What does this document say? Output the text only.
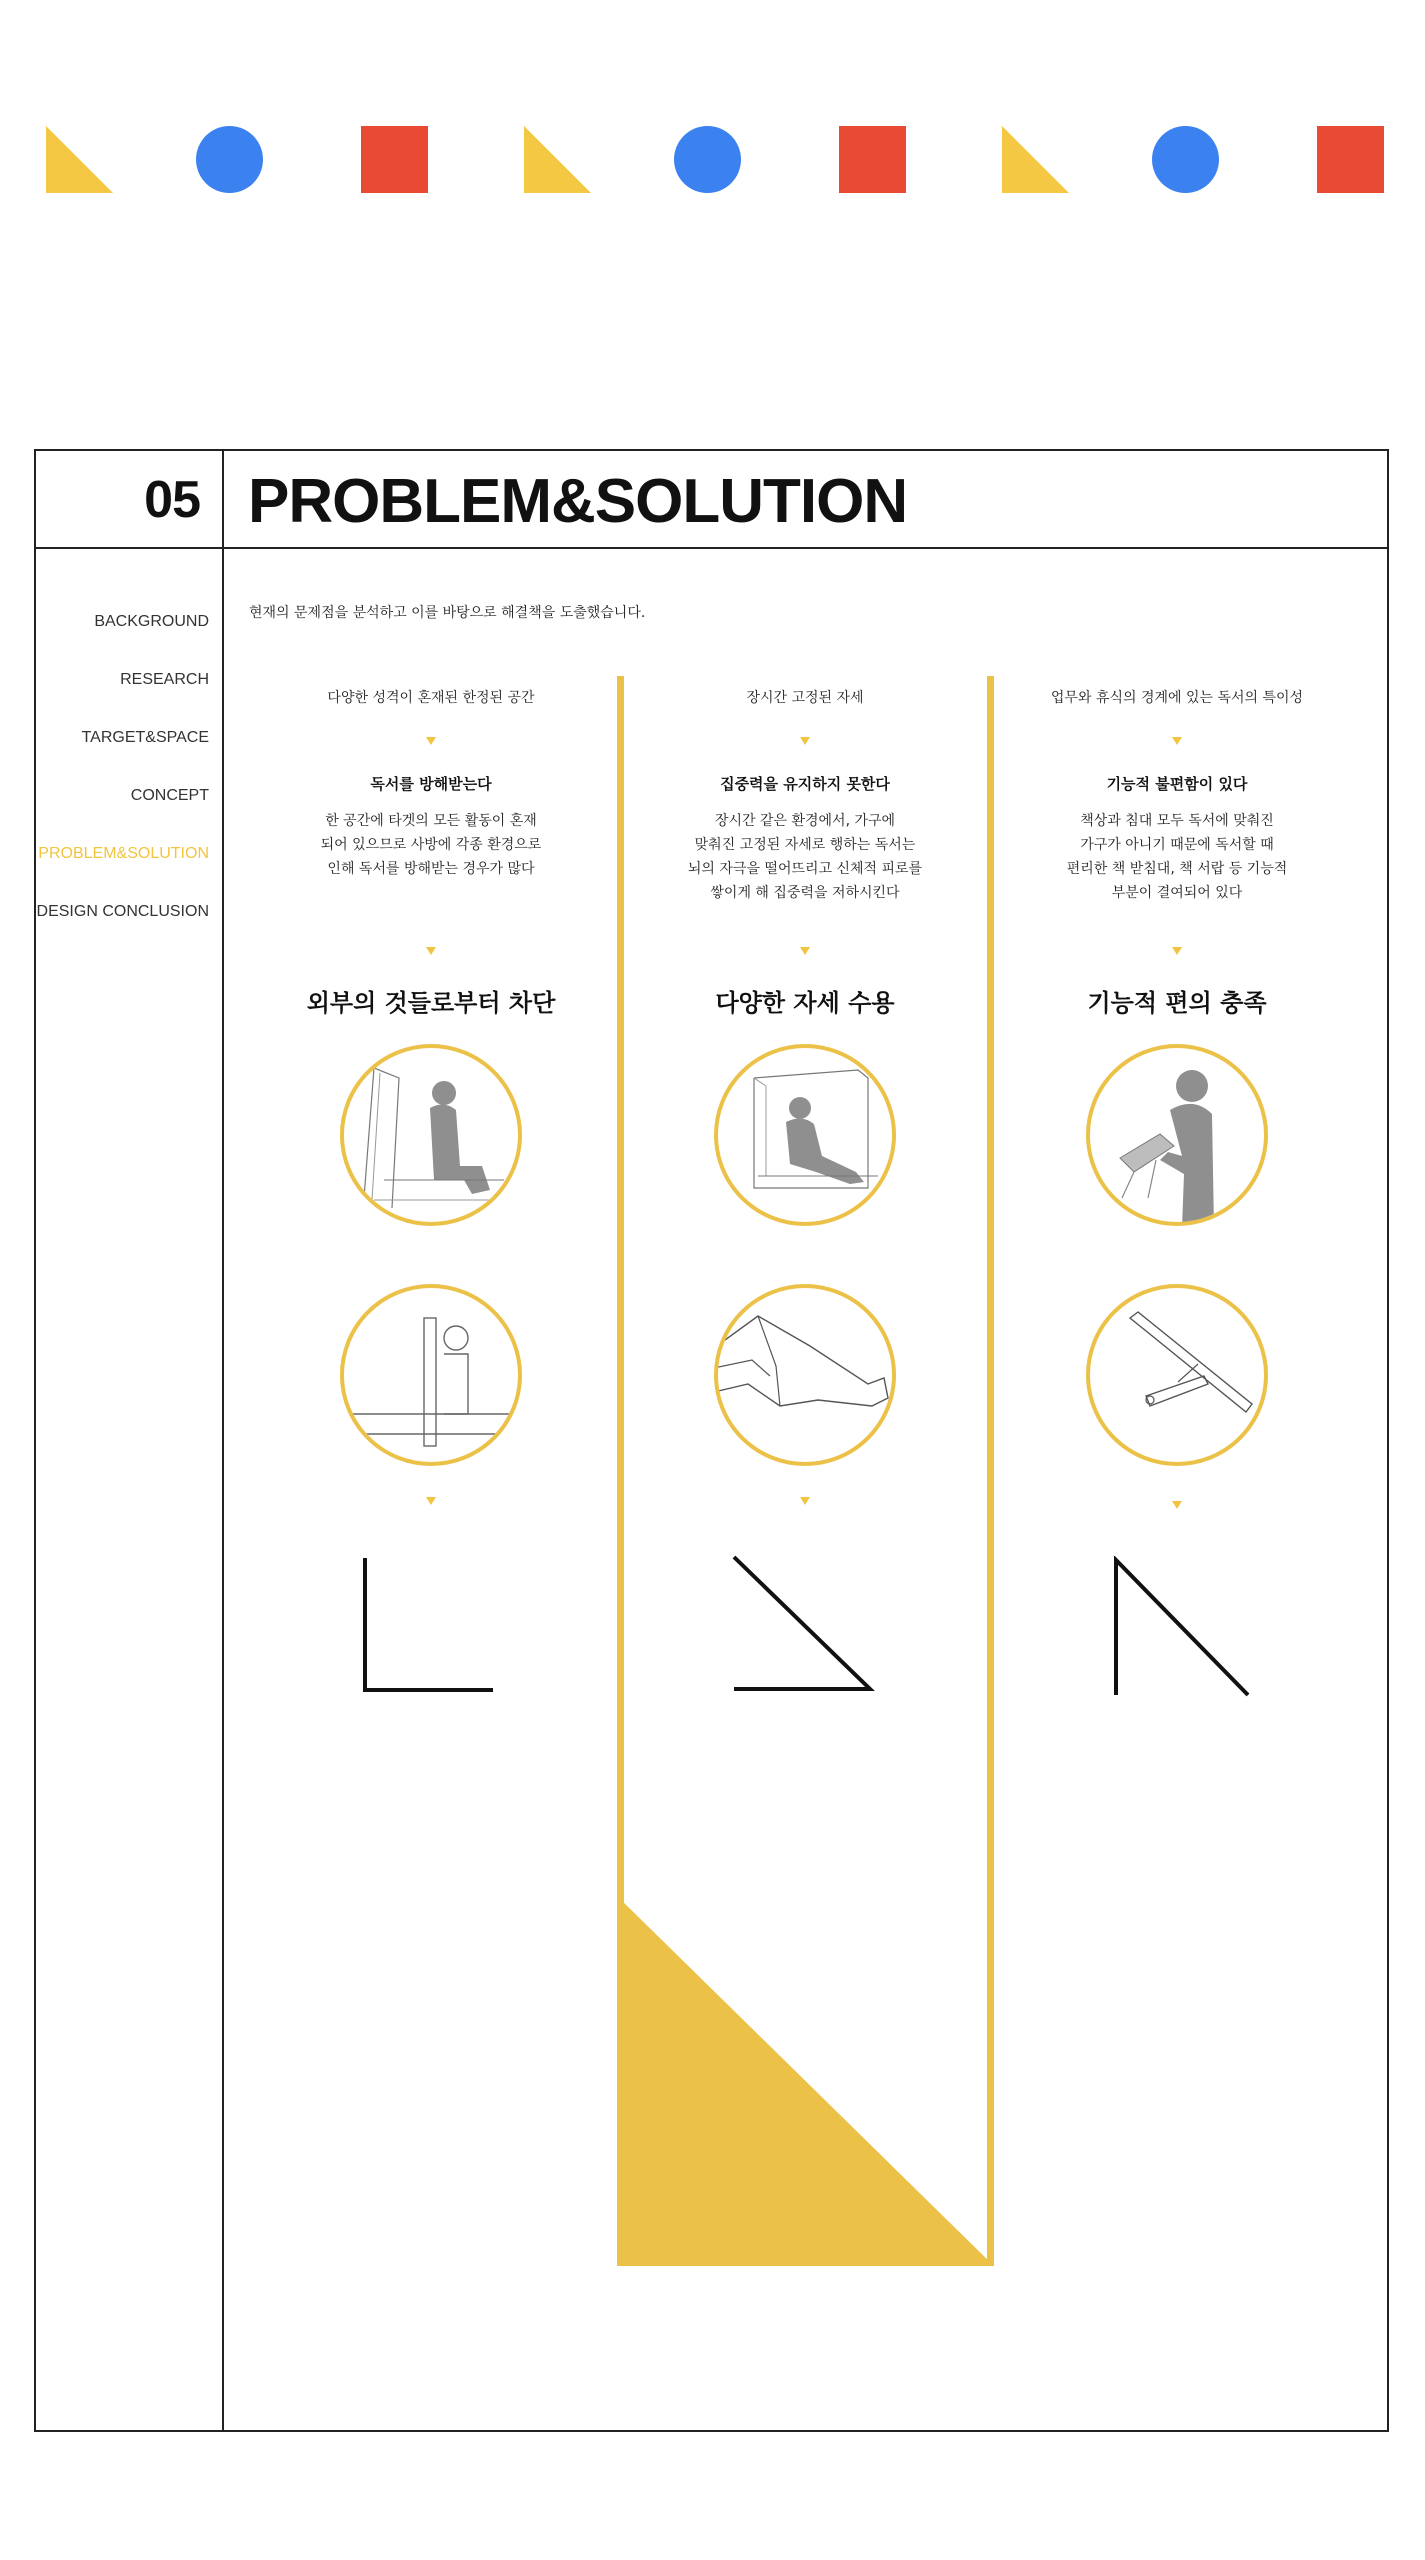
05 PROBLEM&SOLUTION
BACKGROUND
RESEARCH
TARGET&SPACE
CONCEPT
PROBLEM&SOLUTION
DESIGN CONCLUSION
현재의 문제점을 분석하고 이를 바탕으로 해결책을 도출했습니다.
다양한 성격이 혼재된 한정된 공간
독서를 방해받는다
한 공간에 타겟의 모든 활동이 혼재
되어 있으므로 사방에 각종 환경으로
인해 독서를 방해받는 경우가 많다
외부의 것들로부터 차단
장시간 고정된 자세
집중력을 유지하지 못한다
장시간 같은 환경에서, 가구에
맞춰진 고정된 자세로 행하는 독서는
뇌의 자극을 떨어뜨리고 신체적 피로를
쌓이게 해 집중력을 저하시킨다
다양한 자세 수용
업무와 휴식의 경계에 있는 독서의 특이성
기능적 불편함이 있다
책상과 침대 모두 독서에 맞춰진
가구가 아니기 때문에 독서할 때
편리한 책 받침대, 책 서랍 등 기능적
부분이 결여되어 있다
기능적 편의 충족
